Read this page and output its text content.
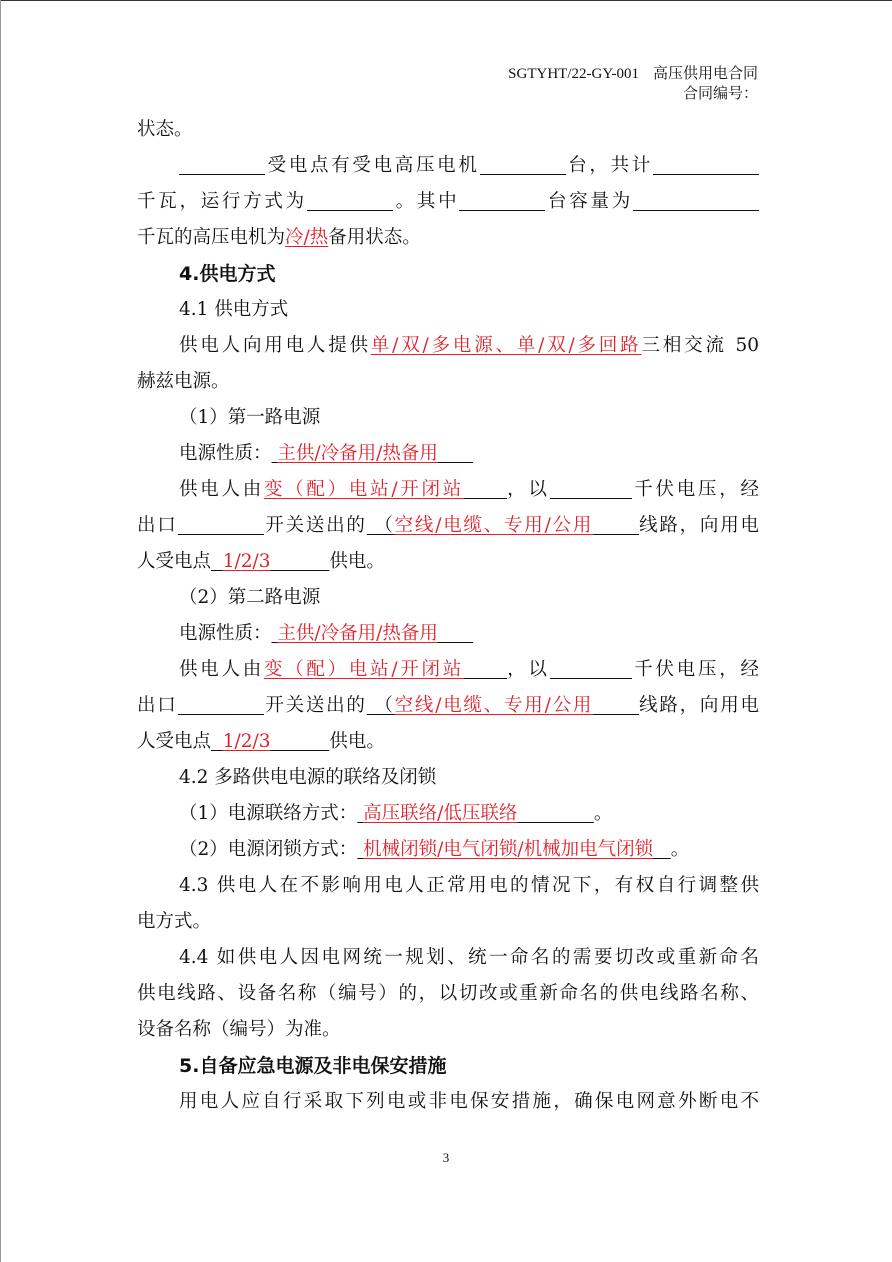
SGTYHT/22-GY-001 高压供用电合同
合同编号：
状态。
受电点有受电高压电机	台，共计
千瓦，运行方式为	。其中	台容量为
千瓦的高压电机为冷/热备用状态。
4.供电方式
4.1 供电方式
供电人向用电人提供单/双/多电源、单/双/多回路三相交流 50
赫兹电源。
（1）第一路电源
电源性质： 主供/冷备用/热备用
供电人由变（配）电站/开闭站 ，以	千伏电压，经
出口	开关送出的 （空线/电缆、专用/公用 线路，向用电
人受电点 1/2/3	供电。
（2）第二路电源
电源性质： 主供/冷备用/热备用
供电人由变（配）电站/开闭站 ，以	千伏电压，经
出口	开关送出的 （空线/电缆、专用/公用 线路，向用电
人受电点 1/2/3	供电。
4.2 多路供电电源的联络及闭锁
（1）电源联络方式： 高压联络/低压联络	。
（2）电源闭锁方式： 机械闭锁/电气闭锁/机械加电气闭锁 。
4.3 供电人在不影响用电人正常用电的情况下，有权自行调整供
电方式。
4.4 如供电人因电网统一规划、统一命名的需要切改或重新命名
供电线路、设备名称（编号）的，以切改或重新命名的供电线路名称、
设备名称（编号）为准。
5.自备应急电源及非电保安措施
用电人应自行采取下列电或非电保安措施，确保电网意外断电不
3
